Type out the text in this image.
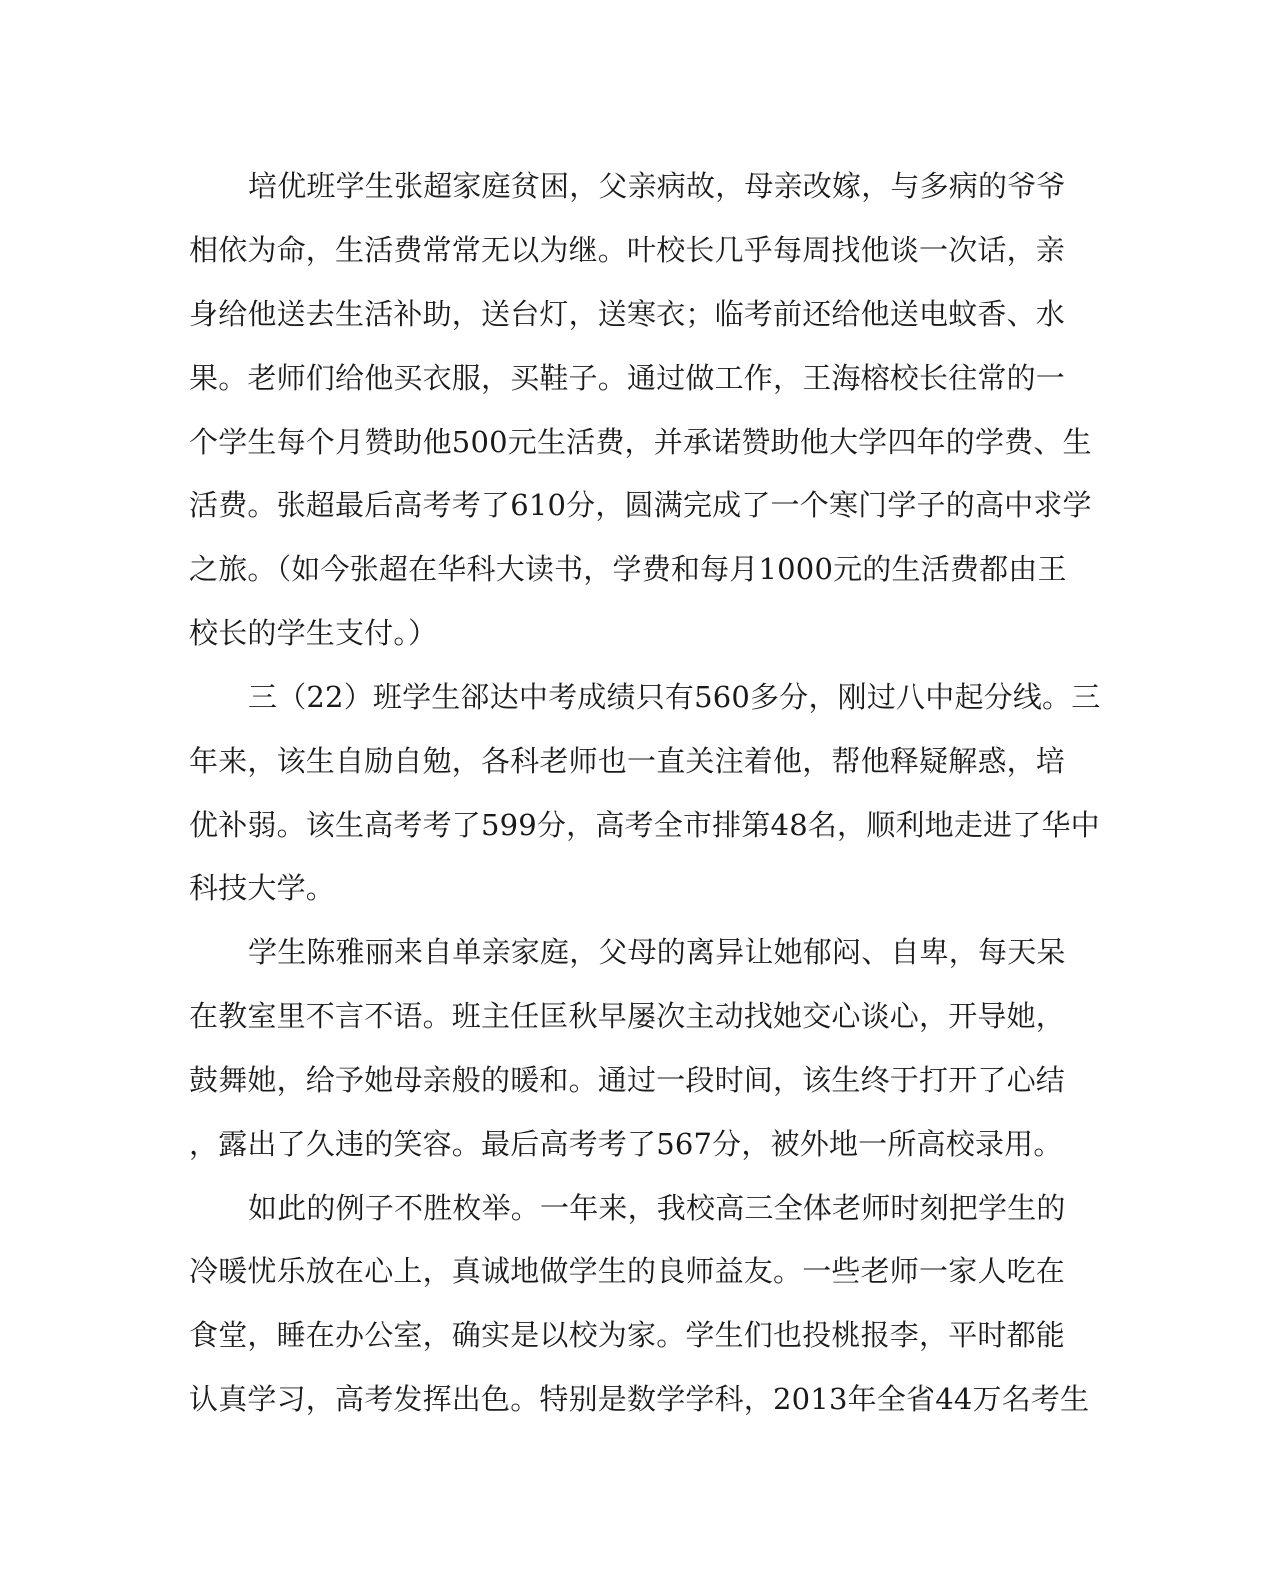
培优班学生张超家庭贫困，父亲病故，母亲改嫁，与多病的爷爷
相依为命，生活费常常无以为继。叶校长几乎每周找他谈一次话，亲
身给他送去生活补助，送台灯，送寒衣；临考前还给他送电蚊香、水
果。老师们给他买衣服，买鞋子。通过做工作，王海榕校长往常的一
个学生每个月赞助他500元生活费，并承诺赞助他大学四年的学费、生
活费。张超最后高考考了610分，圆满完成了一个寒门学子的高中求学
之旅。（如今张超在华科大读书，学费和每月1000元的生活费都由王
校长的学生支付。）
三（22）班学生郤达中考成绩只有560多分，刚过八中起分线。三
年来，该生自励自勉，各科老师也一直关注着他，帮他释疑解惑，培
优补弱。该生高考考了599分，高考全市排第48名，顺利地走进了华中
科技大学。
学生陈雅丽来自单亲家庭，父母的离异让她郁闷、自卑，每天呆
在教室里不言不语。班主任匡秋早屡次主动找她交心谈心，开导她，
鼓舞她，给予她母亲般的暖和。通过一段时间，该生终于打开了心结
，露出了久违的笑容。最后高考考了567分，被外地一所高校录用。
如此的例子不胜枚举。一年来，我校高三全体老师时刻把学生的
冷暖忧乐放在心上，真诚地做学生的良师益友。一些老师一家人吃在
食堂，睡在办公室，确实是以校为家。学生们也投桃报李，平时都能
认真学习，高考发挥出色。特别是数学学科，2013年全省44万名考生
